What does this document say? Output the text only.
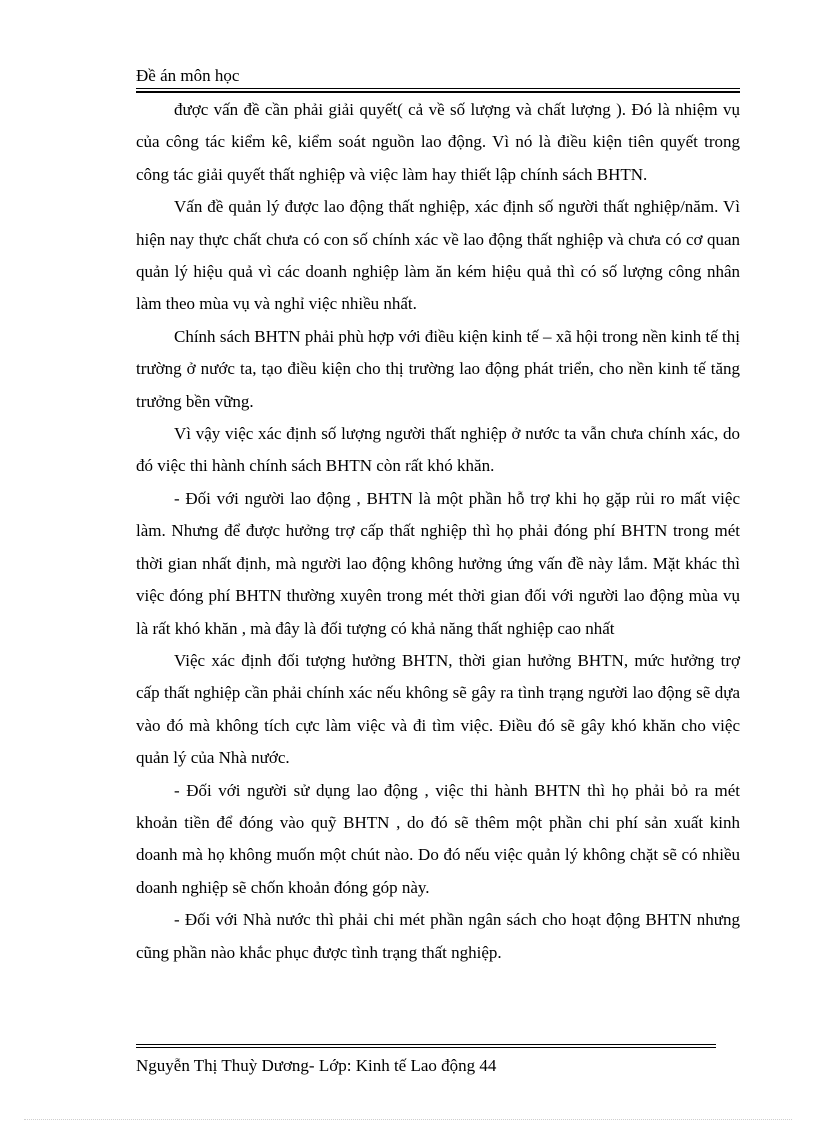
Đề án môn học

được vấn đề cần phải giải quyết( cả về số lượng và chất lượng ). Đó là nhiệm vụ của công tác kiểm kê, kiểm soát nguồn lao động. Vì nó là điều kiện tiên quyết trong công tác giải quyết thất nghiệp và việc làm hay thiết lập chính sách BHTN.

Vấn đề quản lý được lao động thất nghiệp, xác định số người thất nghiệp/năm. Vì hiện nay thực chất chưa có con số chính xác về lao động thất nghiệp và chưa có cơ quan quản lý hiệu quả vì các doanh nghiệp làm ăn kém hiệu quả thì có số lượng công nhân làm theo mùa vụ và nghỉ việc nhiều nhất.

Chính sách BHTN phải phù hợp với điều kiện kinh tế – xã hội trong nền kinh tế thị trường ở nước ta, tạo điều kiện cho thị trường lao động phát triển, cho nền kinh tế tăng trưởng bền vững.

Vì vậy việc xác định số lượng người thất nghiệp ở nước ta vẫn chưa chính xác, do đó việc thi hành chính sách BHTN còn rất khó khăn.

- Đối với người lao động , BHTN là một phần hỗ trợ khi họ gặp rủi ro mất việc làm. Nhưng để được hưởng trợ cấp thất nghiệp thì họ phải đóng phí BHTN trong mét thời gian nhất định, mà người lao động không hưởng ứng vấn đề này lắm. Mặt khác thì việc đóng phí BHTN thường xuyên trong mét thời gian đối với người lao động mùa vụ là rất khó khăn , mà đây là đối tượng có khả năng thất nghiệp cao nhất

Việc xác định đối tượng hưởng BHTN, thời gian hưởng BHTN, mức hưởng trợ cấp thất nghiệp cần phải chính xác nếu không sẽ gây ra tình trạng người lao động sẽ dựa vào đó mà không tích cực làm việc và đi tìm việc. Điều đó sẽ gây khó khăn cho việc quản lý của Nhà nước.

- Đối với người sử dụng lao động , việc thi hành BHTN thì họ phải bỏ ra mét khoản tiền để đóng vào quỹ BHTN , do đó sẽ thêm một phần chi phí sản xuất kinh doanh mà họ không muốn một chút nào. Do đó nếu việc quản lý không chặt sẽ có nhiều doanh nghiệp sẽ chốn khoản đóng góp này.

- Đối với Nhà nước thì phải chi mét phần ngân sách cho hoạt động BHTN nhưng cũng phần nào khắc phục được tình trạng thất nghiệp.

Nguyễn Thị Thuỳ Dương- Lớp: Kinh tế Lao động 44
